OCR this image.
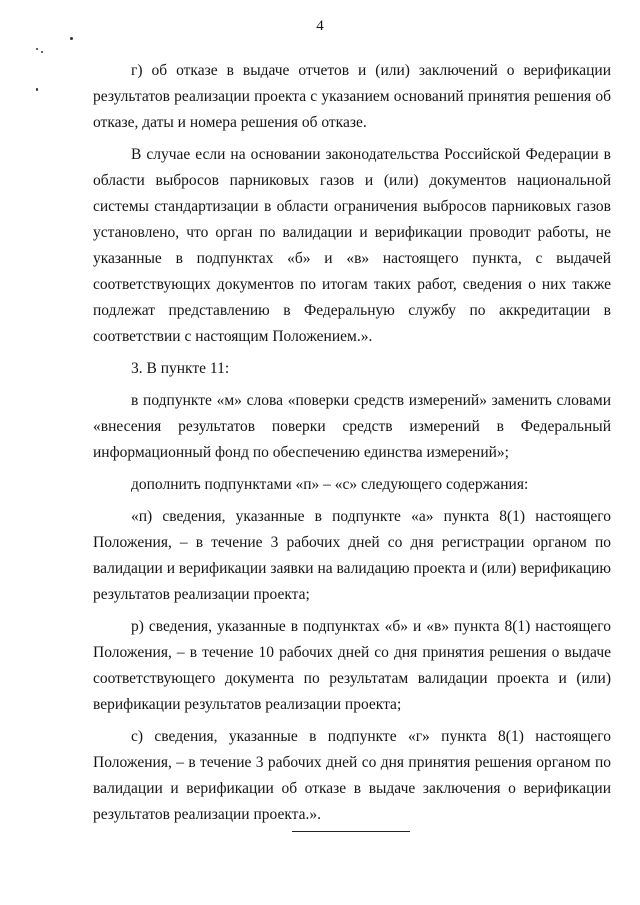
4

г) об отказе в выдаче отчетов и (или) заключений о верификации результатов реализации проекта с указанием оснований принятия решения об отказе, даты и номера решения об отказе.

В случае если на основании законодательства Российской Федерации в области выбросов парниковых газов и (или) документов национальной системы стандартизации в области ограничения выбросов парниковых газов установлено, что орган по валидации и верификации проводит работы, не указанные в подпунктах «б» и «в» настоящего пункта, с выдачей соответствующих документов по итогам таких работ, сведения о них также подлежат представлению в Федеральную службу по аккредитации в соответствии с настоящим Положением.».

3. В пункте 11:

в подпункте «м» слова «поверки средств измерений» заменить словами «внесения результатов поверки средств измерений в Федеральный информационный фонд по обеспечению единства измерений»;

дополнить подпунктами «п» – «с» следующего содержания:

«п) сведения, указанные в подпункте «а» пункта 8(1) настоящего Положения, – в течение 3 рабочих дней со дня регистрации органом по валидации и верификации заявки на валидацию проекта и (или) верификацию результатов реализации проекта;

р) сведения, указанные в подпунктах «б» и «в» пункта 8(1) настоящего Положения, – в течение 10 рабочих дней со дня принятия решения о выдаче соответствующего документа по результатам валидации проекта и (или) верификации результатов реализации проекта;

с) сведения, указанные в подпункте «г» пункта 8(1) настоящего Положения, – в течение 3 рабочих дней со дня принятия решения органом по валидации и верификации об отказе в выдаче заключения о верификации результатов реализации проекта.».
